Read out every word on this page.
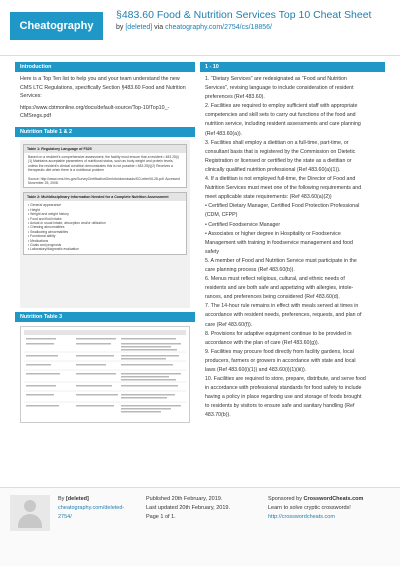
Cheatography
§483.60 Food & Nutrition Services Top 10 Cheat Sheet
by [deleted] via cheatography.com/2754/cs/18856/
Introduction
Here is a Top Ten list to help you and your team understand the new CMS LTC Regulations, specifically Section §483.60 Food and Nutrition Services:
https://www.cbtmonline.org/docs/default-source/Top-10/Top10_-CMSregs.pdf
Nutrition Table 1 & 2
Table 1: Regulatory Language of F325
Based on a resident's comprehensive assessment, the facility must ensure that a resident • 483.25(i)(1) Maintains acceptable parameters of nutritional status, such as body weight and protein levels, unless the resident's clinical condition demonstrates this is not possible • 483.25(i)(2) Receives a therapeutic diet when there is a nutritional problem
Source: http://www.cms.hhs.gov/SurveyCertificationGenInfo/downloads/SCLetter06-28.pdf. Accessed November 25, 2008.
Table 2: Multidisciplinary Information Needed for a Complete Nutrition Assessment
• General appearance
• Height
• Weight and weight history
• Food and fluid intake
• Actual or usual intake, absorption and/or utilization
• Chewing abnormalities
• Swallowing abnormalities
• Functional ability
• Medications
• Goals and prognosis
• Laboratory/diagnostic evaluation
Nutrition Table 3
1 - 10

1. “Dietary Services” are redesignated as “Food and Nutrition

Services”, revising language to include consideration of resident

preferences (Ref 483.60).

2. Facilities are required to employ sufficient staff with appropriate

competencies and skill sets to carry out functions of the food and

nutrition service, including resident assessments and care planning

(Ref 483.60(a)).

3. Facilities shall employ a dietitian on a full-time, part-time, or

consultant basis that is registered by the Commission on Dietetic

Registration or licensed or certified by the state as a dietitian or

clinically qualified nutrition professional (Ref 483.60(a)(1)).

4. If a dietitian is not employed full-time, the Director of Food and

Nutrition Services must meet one of the following requirements and

meet applicable state requirements: (Ref 483.60(a)(2))

• Certified Dietary Manager, Certified Food Protection Professional

(CDM, CFPP)

• Certified Foodservice Manager

• Associates or higher degree in Hospitality or Foodservice

Management with training in foodservice management and food

safety

5. A member of Food and Nutrition Service must participate in the

care planning process (Ref 483.60(b)).

6. Menus must reflect religious, cultural, and ethnic needs of

residents and are both safe and appetizing with allergies, intole-

rances, and preferences being considered (Ref 483.60(d).

7. The 14-hour rule remains in effect with meals served at times in

accordance with resident needs, preferences, requests, and plan of

care (Ref 483.60(f)).

8. Provisions for adaptive equipment continue to be provided in

accordance with the plan of care (Ref 483.60(g)).

9. Facilities may procure food directly from facility gardens, local

producers, farmers or growers in accordance with state and local

laws (Ref 483.60(i)(1)) and 483.60(i)(1)(iii)).

10. Facilities are required to store, prepare, distribute, and serve food

in accordance with professional standards for food safety to include

having a policy in place regarding use and storage of foods brought

to residents by visitors to ensure safe and sanitary handling (Ref

483.70(b)).

By [deleted]
cheatography.com/deleted-2754/
Published 20th February, 2019.
Last updated 20th February, 2019.
Page 1 of 1.
Sponsored by CrosswordCheats.com
Learn to solve cryptic crosswords!
http://crosswordcheats.com
